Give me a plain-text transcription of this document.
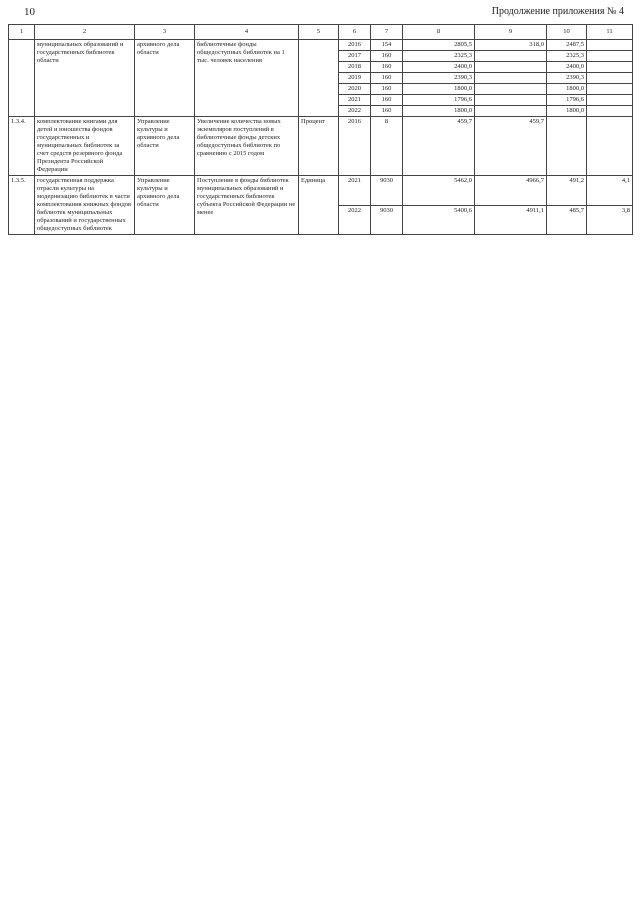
10	Продолжение приложения № 4
1	2	3	4	5	6	7	8	9	10	11	
	муниципальных образований и государственных библиотек области	архивного дела области	библиотечные фонды общедоступных библиотек на 1 тыс. человек населения		2016	154	2805,5	318,0	2487,5		
					2017	160	2325,3		2325,3		
					2018	160	2400,0		2400,0		
					2019	160	2390,3		2390,3		
					2020	160	1800,0		1800,0		
					2021	160	1796,6		1796,6		
					2022	160	1800,0		1800,0		
1.3.4.	комплектование книгами для детей и юношества фондов государственных и муниципальных библиотек за счет средств резервного фонда Президента Российской Федерации	Управление культуры и архивного дела области	Увеличение количества новых экземпляров поступлений в библиотечные фонды детских общедоступных библиотек по сравнению с 2015 годом	Процент	2016	8	459,7	459,7			
1.3.5.	государственная поддержка отрасли культуры на модернизацию библиотек в части комплектования книжных фондов библиотек муниципальных образований и государственных общедоступных библиотек	Управление культуры и архивного дела области	Поступление в фонды библиотек муниципальных образований и государственных библиотек субъекта Российской Федерации не менее	Единица	2021	9030	5462,0	4966,7	491,2	4,1	
					2022	9030	5400,6	4911,1	485,7	3,8	
